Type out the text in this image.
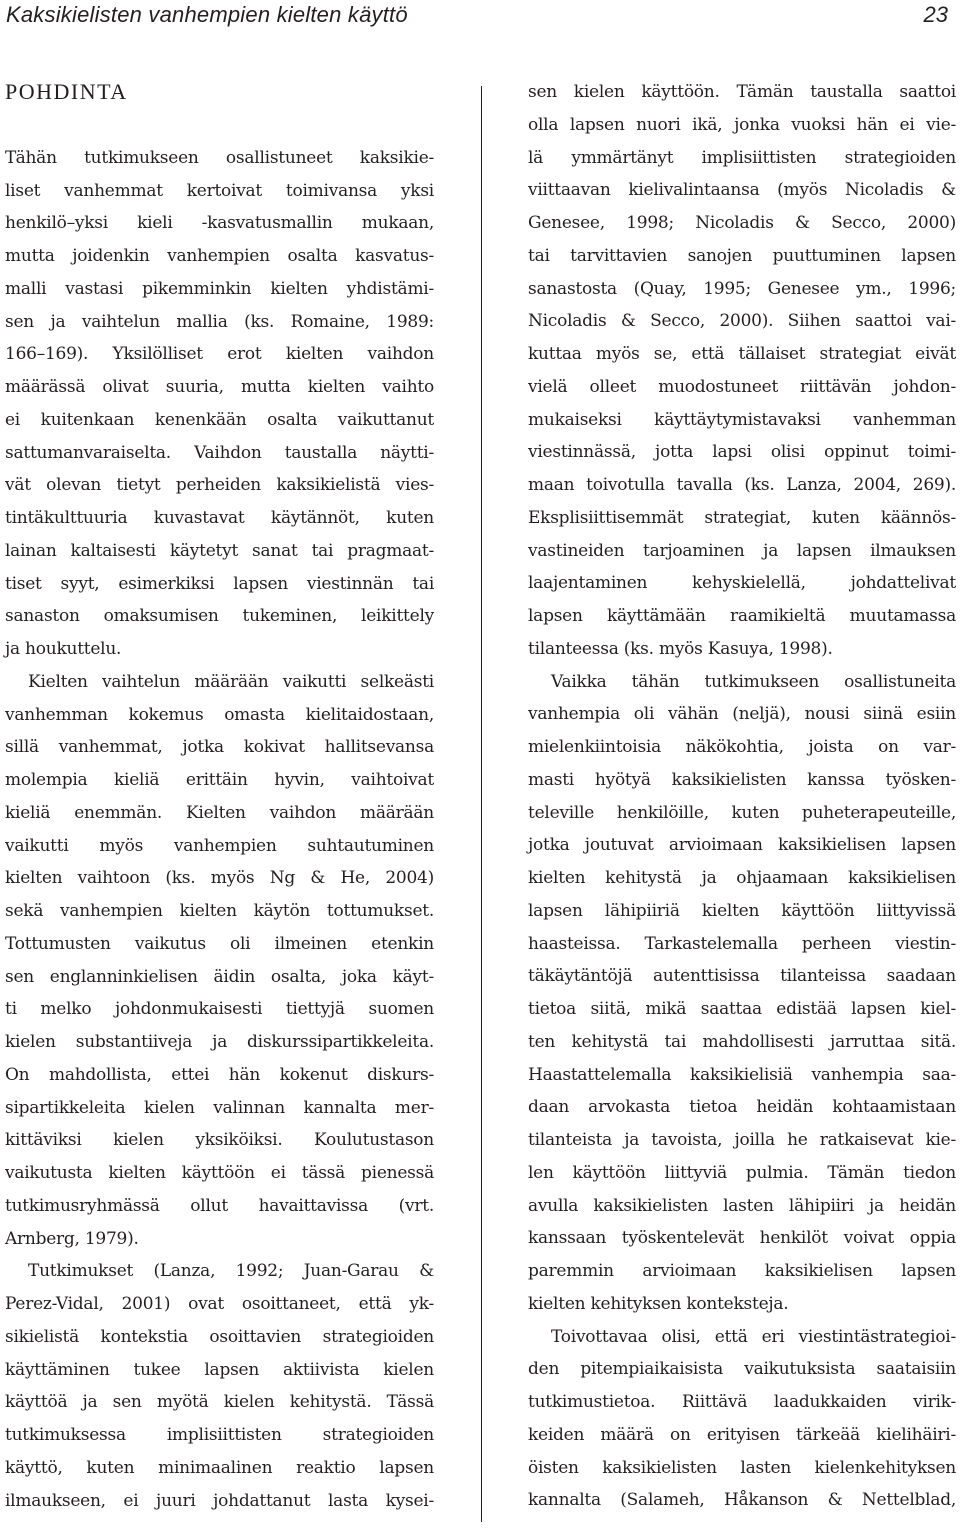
Kaksikielisten vanhempien kielten käyttö	23
POHDINTA
Tähän tutkimukseen osallistuneet kaksikie-
liset vanhemmat kertoivat toimivansa yksi
henkilö–yksi kieli -kasvatusmallin mukaan,
mutta joidenkin vanhempien osalta kasvatus-
malli vastasi pikemminkin kielten yhdistämi-
sen ja vaihtelun mallia (ks. Romaine, 1989:
166–169). Yksilölliset erot kielten vaihdon
määrässä olivat suuria, mutta kielten vaihto
ei kuitenkaan kenenkään osalta vaikuttanut
sattumanvaraiselta. Vaihdon taustalla näytti-
vät olevan tietyt perheiden kaksikielistä vies-
tintäkulttuuria kuvastavat käytännöt, kuten
lainan kaltaisesti käytetyt sanat tai pragmaat-
tiset syyt, esimerkiksi lapsen viestinnän tai
sanaston omaksumisen tukeminen, leikittely
ja houkuttelu.
Kielten vaihtelun määrään vaikutti selkeästi
vanhemman kokemus omasta kielitaidostaan,
sillä vanhemmat, jotka kokivat hallitsevansa
molempia kieliä erittäin hyvin, vaihtoivat
kieliä enemmän. Kielten vaihdon määrään
vaikutti myös vanhempien suhtautuminen
kielten vaihtoon (ks. myös Ng & He, 2004)
sekä vanhempien kielten käytön tottumukset.
Tottumusten vaikutus oli ilmeinen etenkin
sen englanninkielisen äidin osalta, joka käyt-
ti melko johdonmukaisesti tiettyjä suomen
kielen substantiiveja ja diskurssipartikkeleita.
On mahdollista, ettei hän kokenut diskurs-
sipartikkeleita kielen valinnan kannalta mer-
kittäviksi kielen yksiköiksi. Koulutustason
vaikutusta kielten käyttöön ei tässä pienessä
tutkimusryhmässä ollut havaittavissa (vrt.
Arnberg, 1979).
Tutkimukset (Lanza, 1992; Juan-Garau &
Perez-Vidal, 2001) ovat osoittaneet, että yk-
sikielistä kontekstia osoittavien strategioiden
käyttäminen tukee lapsen aktiivista kielen
käyttöä ja sen myötä kielen kehitystä. Tässä
tutkimuksessa implisiittisten strategioiden
käyttö, kuten minimaalinen reaktio lapsen
ilmaukseen, ei juuri johdattanut lasta kysei-
sen kielen käyttöön. Tämän taustalla saattoi
olla lapsen nuori ikä, jonka vuoksi hän ei vie-
lä ymmärtänyt implisiittisten strategioiden
viittaavan kielivalintaansa (myös Nicoladis &
Genesee, 1998; Nicoladis & Secco, 2000)
tai tarvittavien sanojen puuttuminen lapsen
sanastosta (Quay, 1995; Genesee ym., 1996;
Nicoladis & Secco, 2000). Siihen saattoi vai-
kuttaa myös se, että tällaiset strategiat eivät
vielä olleet muodostuneet riittävän johdon-
mukaiseksi käyttäytymistavaksi vanhemman
viestinnässä, jotta lapsi olisi oppinut toimi-
maan toivotulla tavalla (ks. Lanza, 2004, 269).
Eksplisiittisemmät strategiat, kuten käännös-
vastineiden tarjoaminen ja lapsen ilmauksen
laajentaminen kehyskielellä, johdattelivat
lapsen käyttämään raamikieltä muutamassa
tilanteessa (ks. myös Kasuya, 1998).
Vaikka tähän tutkimukseen osallistuneita
vanhempia oli vähän (neljä), nousi siinä esiin
mielenkiintoisia näkökohtia, joista on var-
masti hyötyä kaksikielisten kanssa työsken-
televille henkilöille, kuten puheterapeuteille,
jotka joutuvat arvioimaan kaksikielisen lapsen
kielten kehitystä ja ohjaamaan kaksikielisen
lapsen lähipiiriä kielten käyttöön liittyvissä
haasteissa. Tarkastelemalla perheen viestin-
täkäytäntöjä autenttisissa tilanteissa saadaan
tietoa siitä, mikä saattaa edistää lapsen kiel-
ten kehitystä tai mahdollisesti jarruttaa sitä.
Haastattelemalla kaksikielisiä vanhempia saa-
daan arvokasta tietoa heidän kohtaamistaan
tilanteista ja tavoista, joilla he ratkaisevat kie-
len käyttöön liittyviä pulmia. Tämän tiedon
avulla kaksikielisten lasten lähipiiri ja heidän
kanssaan työskentelevät henkilöt voivat oppia
paremmin arvioimaan kaksikielisen lapsen
kielten kehityksen konteksteja.
Toivottavaa olisi, että eri viestintästrategioi-
den pitempiaikaisista vaikutuksista saataisiin
tutkimustietoa. Riittävä laadukkaiden virik-
keiden määrä on erityisen tärkeää kielihäiri-
öisten kaksikielisten lasten kielenkehityksen
kannalta (Salameh, Håkanson & Nettelblad,
